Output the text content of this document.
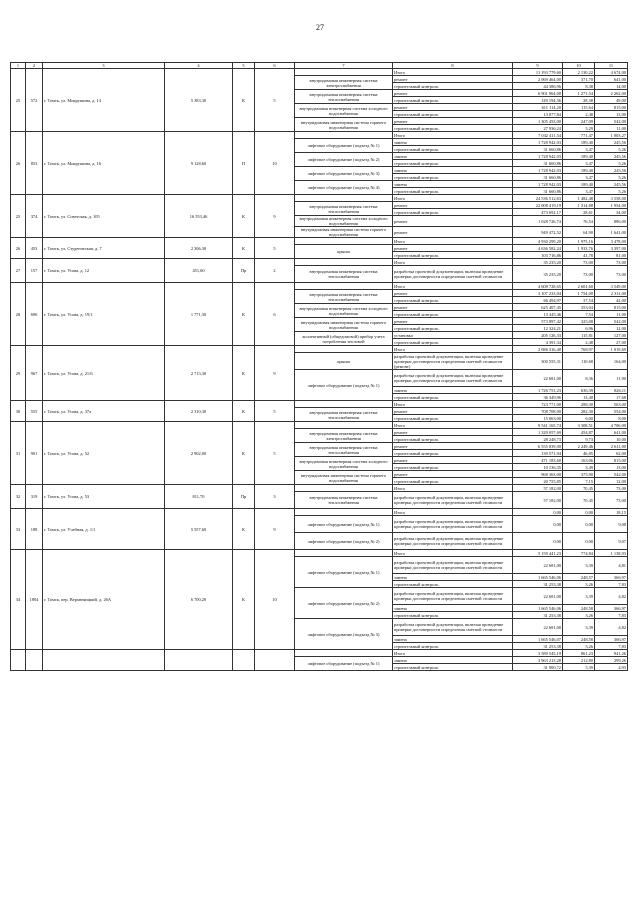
27
1	2	3	4	5	6	7	8	9	10	11
25	572	г. Томск, ул. Мокрушина, д. 14	5 383,30	К	5		Итого	11 193 779,60	2 130,22	4 674,00
						внутридомовая инженерная система электроснабжения	ремонт	2 069 464,00	371,70	641,00
							строительный контроль	44 386,96	8,38	14,00
						внутридомовая инженерная система теплоснабжения	ремонт	6 901 964,00	1 271,54	2 262,00
							строительный контроль	149 194,36	28,38	49,00
						внутридомовая инженерная система холодного водоснабжения	ремонт	611 114,20	115,64	815,00
							строительный контроль	13 077,84	2,48	13,00
						внутридомовая инженерная система горячего водоснабжения	ремонт	1 305 453,00	247,09	542,00
							строительный контроль	27 936,24	5,29	11,00
26	853	г. Томск, ул. Мокрушина, д. 16	9 128,60	П	10		Итого	7 042 411,54	771,47	1 003,27
						лифтовое оборудование (подъезд № 1)	замена	1 728 942,03	189,40	245,56
							строительный контроль	31 660,86	3,47	5,26
						лифтовое оборудование (подъезд № 2)	замена	1 728 942,03	189,40	245,56
							строительный контроль	31 660,86	3,47	5,26
						лифтовое оборудование (подъезд № 3)	замена	1 728 942,03	189,40	245,56
							строительный контроль	31 660,86	3,47	5,26
						лифтовое оборудование (подъезд № 4)	замена	1 728 942,03	189,40	245,56
							строительный контроль	31 660,86	3,47	5,26
25	374	г. Томск, ул. Советская, д. 105	16 553,46	К	9		Итого	24 536 512,63	1 482,48	3 558,00
						внутридомовая инженерная система теплоснабжения	ремонт	22 008 419,19	1 314,88	1 954,00
							строительный контроль	473 692,17	28,61	34,00
						внутридомовая инженерная система холодного водоснабжения	ремонт	1 028 726,74	76,54	886,00
						внутридомовая инженерная система горячего водоснабжения	ремонт	949 472,52	64,90	1 641,00
26	453	г. Томск, ул. Студенческая, д. 7	2 306,30	К	5		Итого	4 930 299,20	1 975,16	3 478,00
						крыша	ремонт	4 636 582,24	1 933,76	3 397,00
							строительный контроль	103 716,86	41,78	81,00
27	157	г. Томск, ул. Усова, д. 12	451,60	Пр	2		Итого	35 235,20	73,00	73,00
						внутридомовая инженерная система теплоснабжения	разработка проектной документации, включая проведение проверки достоверности определения сметной стоимости	35 235,20	73,00	73,00
28	690	г. Томск, ул. Усова, д. 19/1	1 771,30	К	6		Итого	4 608 728,65	2 601,60	3 549,00
						внутридомовая инженерная система теплоснабжения	ремонт	3 107 233,04	1 754,00	2 311,00
							строительный контроль	66 494,97	37,54	42,00
						внутридомовая инженерная система холодного водоснабжения	ремонт	625 407,45	353,04	815,00
							строительный контроль	13 345,46	7,54	11,00
						внутридомовая инженерная система горячего водоснабжения	ремонт	573 897,42	325,08	542,00
							строительный контроль	12 324,21	6,96	12,00
						коллективный (общедомовой) прибор учета потребления тепловой	установка	205 126,33	115,81	127,00
							строительный контроль	4 391,34	2,48	27,00
29	967	г. Томск, ул. Усова, д. 21/6	2 713,30	К	9		Итого	2 086 316,40	768,97	1 019,69
						крыша	разработка проектной документации, включая проведение проверки достоверности определения сметной стоимости (ремонт)	300 555,31	110,68	164,00
						лифтовое оборудование (подъезд № 1)	разработка проектной документации, включая проведение проверки достоверности определения сметной стоимости	22 681,00	8,36	11,90
							замена	1 726 751,23	636,39	826,11
							строительный контроль	36 349,96	13,40	17,68
30	555	г. Томск, ул. Усова, д. 37а	2 310,30	К	5		Итого	723 771,00	288,30	563,00
						внутридомовая инженерная система теплоснабжения	ремонт	708 708,00	282,30	554,00
							строительный контроль	15 063,00	6,00	8,00
31	901	г. Томск, ул. Усова, д. 52	2 902,00	К	5		Итого	9 541 165,74	3 308,51	4 706,00
						внутридомовая инженерная система электроснабжения	ремонт	1 329 057,69	454,87	641,00
							строительный контроль	28 248,73	9,73	10,00
						внутридомовая инженерная система теплоснабжения	ремонт	6 555 839,00	2 249,46	2 611,00
							строительный контроль	139 571,94	46,85	62,00
						внутридомовая инженерная система холодного водоснабжения	ремонт	471 183,60	163,06	815,00
							строительный контроль	10 136,35	3,49	13,00
						внутридомовая инженерная система горячего водоснабжения	ремонт	968 363,00	375,90	542,00
							строительный контроль	20 755,85	7,15	12,00
32	319	г. Томск, ул. Усова, д. 53	811,70	Пр	3		Итого	57 182,00	70,45	73,00
						внутридомовая инженерная система теплоснабжения	разработка проектной документации, включая проведение проверки достоверности определения сметной стоимости	57 182,00	70,45	73,00
33	188	г. Томск, ул. Учебная, д. 1/1	5 557,60	К	9		Итого	0,00	0,00	18,15
						лифтовое оборудование (подъезд № 1)	разработка проектной документации, включая проведение проверки достоверности определения сметной стоимости	0,00	0,00	9,08
						лифтовое оборудование (подъезд № 2)	разработка проектной документации, включая проведение проверки достоверности определения сметной стоимости	0,00	0,00	9,07
34	1804	г. Томск, пер. Верхнеяицкий, д. 26А	6 700,20	К	10		Итого	5 159 441,23	774,84	1 138,93
						лифтовое оборудование (подъезд № 1)	разработка проектной документации, включая проведение проверки достоверности определения сметной стоимости	22 681,00	3,39	4,81
							замена	1 665 546,06	248,57	366,97
							строительный контроль	31 253,38	3,26	7,83
						лифтовое оборудование (подъезд № 2)	разработка проектной документации, включая проведение проверки достоверности определения сметной стоимости	22 681,00	3,39	4,82
							замена	1 665 546,06	248,58	366,97
							строительный контроль	31 253,38	3,26	7,83
						лифтовое оборудование (подъезд № 3)	разработка проектной документации, включая проведение проверки достоверности определения сметной стоимости	22 681,00	3,39	4,82
							замена	1 665 546,07	248,58	366,97
							строительный контроль	31 253,38	3,26	7,83
							Итого	3 589 545,19	861,23	941,26
						лифтовое оборудование (подъезд № 1)	замена	3 963 213,28	212,80	299,26
							строительный контроль	31 900,72	5,39	4,93
